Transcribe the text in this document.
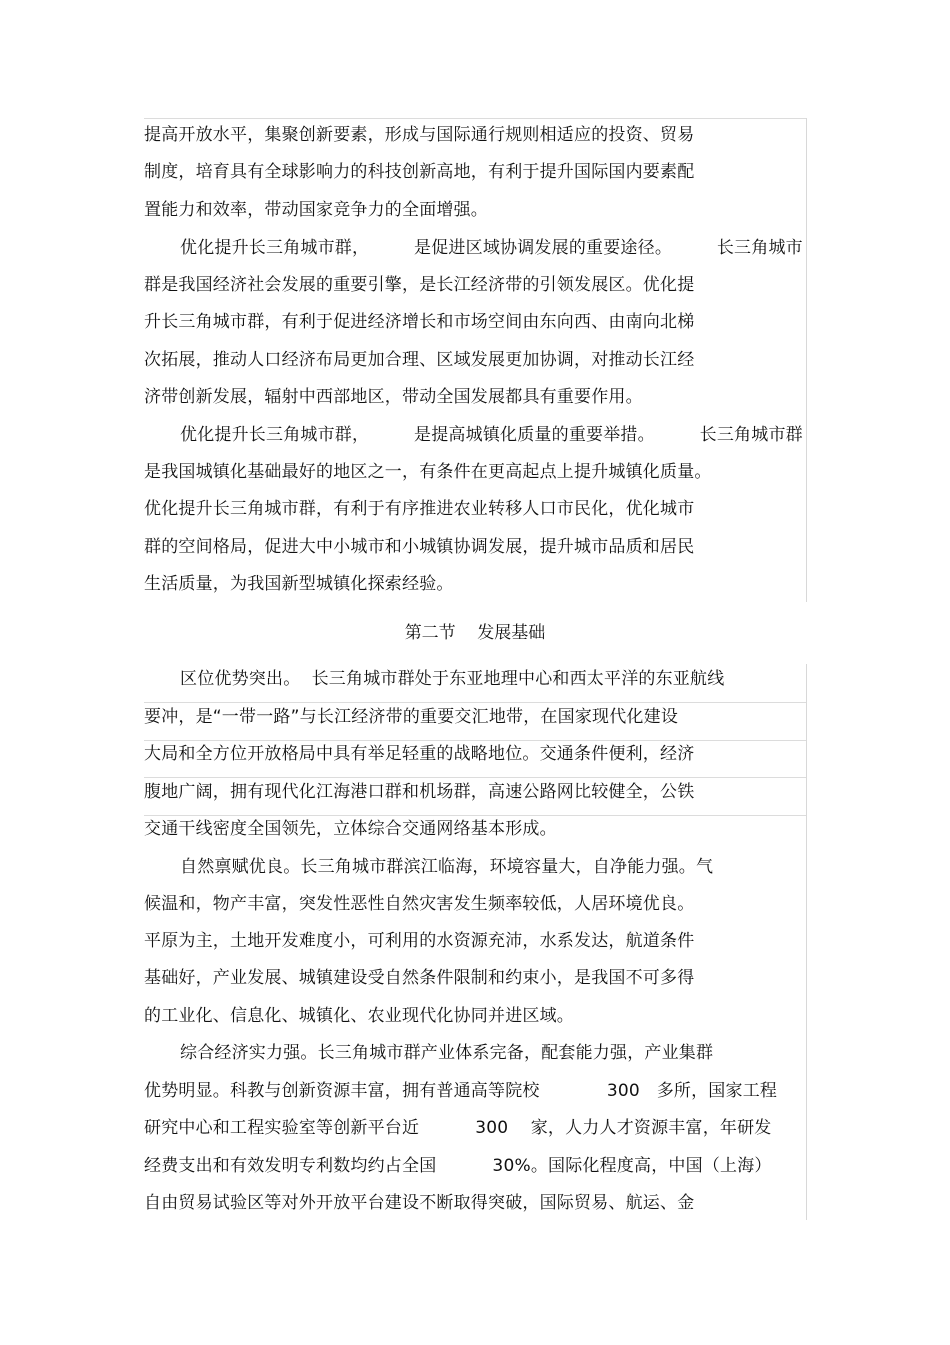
提高开放水平，集聚创新要素，形成与国际通行规则相适应的投资、贸易
制度，培育具有全球影响力的科技创新高地，有利于提升国际国内要素配
置能力和效率，带动国家竞争力的全面增强。
优化提升长三角城市群，        是促进区域协调发展的重要途径。        长三角城市
群是我国经济社会发展的重要引擎，是长江经济带的引领发展区。优化提
升长三角城市群，有利于促进经济增长和市场空间由东向西、由南向北梯
次拓展，推动人口经济布局更加合理、区域发展更加协调，对推动长江经
济带创新发展，辐射中西部地区，带动全国发展都具有重要作用。
优化提升长三角城市群，        是提高城镇化质量的重要举措。        长三角城市群
是我国城镇化基础最好的地区之一，有条件在更高起点上提升城镇化质量。
优化提升长三角城市群，有利于有序推进农业转移人口市民化，优化城市
群的空间格局，促进大中小城市和小城镇协调发展，提升城市品质和居民
生活质量，为我国新型城镇化探索经验。
第二节    发展基础
区位优势突出。  长三角城市群处于东亚地理中心和西太平洋的东亚航线
要冲，是“一带一路”与长江经济带的重要交汇地带，在国家现代化建设
大局和全方位开放格局中具有举足轻重的战略地位。交通条件便利，经济
腹地广阔，拥有现代化江海港口群和机场群，高速公路网比较健全，公铁
交通干线密度全国领先，立体综合交通网络基本形成。
自然禀赋优良。长三角城市群滨江临海，环境容量大，自净能力强。气
候温和，物产丰富，突发性恶性自然灾害发生频率较低，人居环境优良。
平原为主，土地开发难度小，可利用的水资源充沛，水系发达，航道条件
基础好，产业发展、城镇建设受自然条件限制和约束小，是我国不可多得
的工业化、信息化、城镇化、农业现代化协同并进区域。
综合经济实力强。长三角城市群产业体系完备，配套能力强，产业集群
优势明显。科教与创新资源丰富，拥有普通高等院校            300   多所，国家工程
研究中心和工程实验室等创新平台近          300    家，人力人才资源丰富，年研发
经费支出和有效发明专利数均约占全国          30%。国际化程度高，中国（上海）
自由贸易试验区等对外开放平台建设不断取得突破，国际贸易、航运、金
